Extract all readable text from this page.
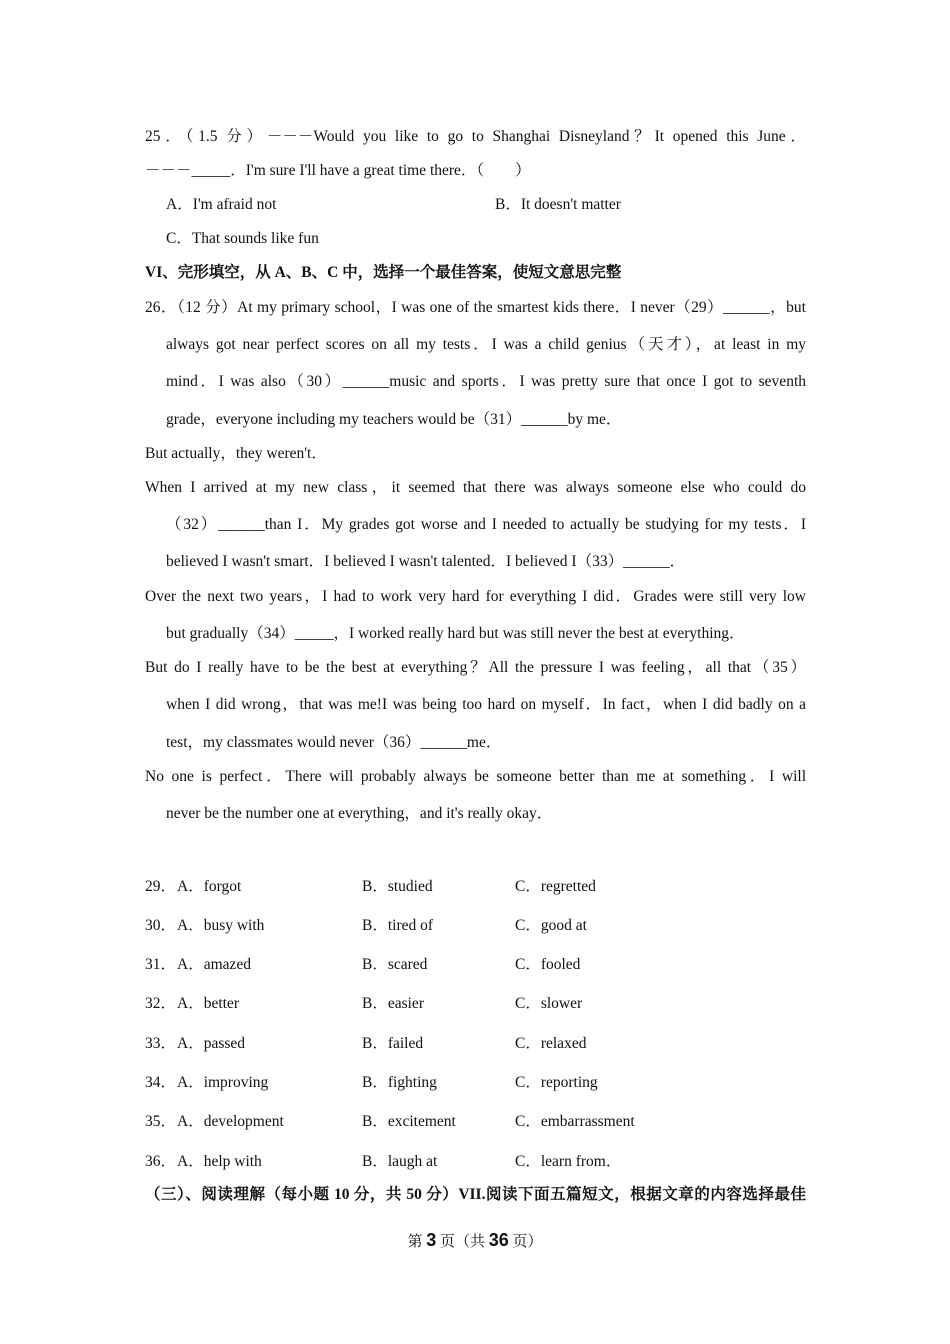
25．（1.5 分）－－－Would you like to go to Shanghai Disneyland？It opened this June．
－－－_____．I'm sure I'll have a great time there．（　　）
A．I'm afraid not	B．It doesn't matter
C．That sounds like fun
VI、完形填空，从 A、B、C 中，选择一个最佳答案，使短文意思完整
26．（12 分）At my primary school，I was one of the smartest kids there．I never（29）______，but
always got near perfect scores on all my tests．I was a child genius（天才），at least in my
mind．I was also（30）______music and sports．I was pretty sure that once I got to seventh
grade，everyone including my teachers would be（31）______by me．
But actually，they weren't．
When I arrived at my new class，it seemed that there was always someone else who could do
（32）______than I．My grades got worse and I needed to actually be studying for my tests．I
believed I wasn't smart．I believed I wasn't talented．I believed I（33）______．
Over the next two years，I had to work very hard for everything I did．Grades were still very low
but gradually（34）_____，I worked really hard but was still never the best at everything．
But do I really have to be the best at everything？All the pressure I was feeling，all that（35）
when I did wrong，that was me!I was being too hard on myself．In fact，when I did badly on a
test，my classmates would never（36）______me．
No one is perfect．There will probably always be someone better than me at something．I will
never be the number one at everything，and it's really okay．
29． A．forgot	B．studied	C．regretted
30． A．busy with	B．tired of	C．good at
31． A．amazed	B．scared	C．fooled
32． A．better	B．easier	C．slower
33． A．passed	B．failed	C．relaxed
34． A．improving	B．fighting	C．reporting
35． A．development	B．excitement	C．embarrassment
36． A．help with	B．laugh at	C．learn from．
（三）、阅读理解（每小题 10 分，共 50 分）VII.阅读下面五篇短文，根据文章的内容选择最佳
第 3 页（共 36 页）
